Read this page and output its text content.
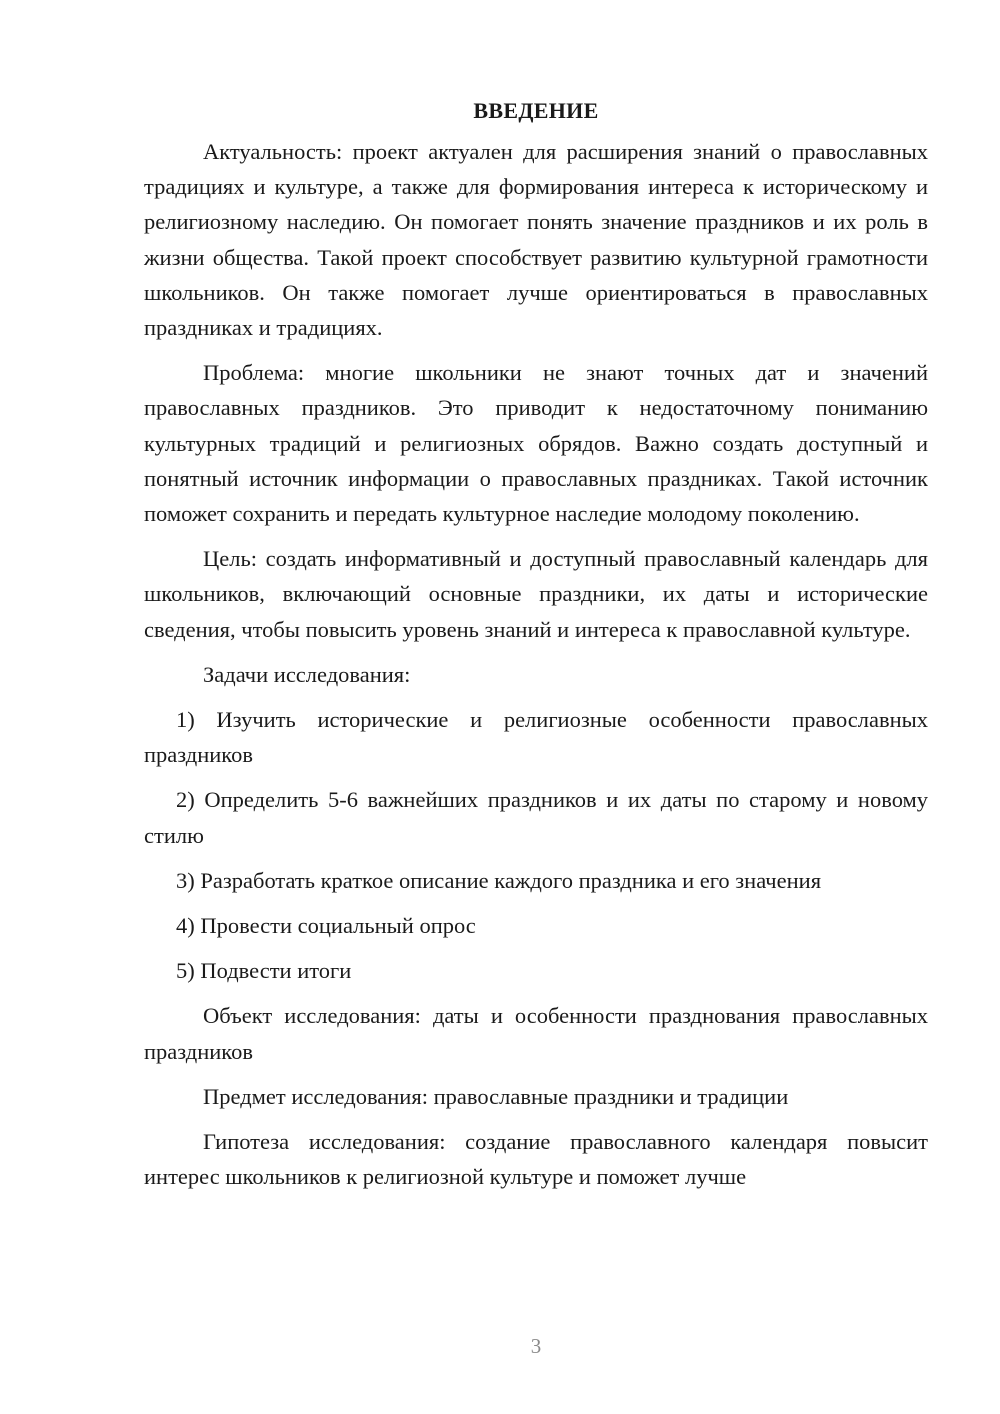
ВВЕДЕНИЕ

Актуальность: проект актуален для расширения знаний о православных традициях и культуре, а также для формирования интереса к историческому и религиозному наследию. Он помогает понять значение праздников и их роль в жизни общества. Такой проект способствует развитию культурной грамотности школьников. Он также помогает лучше ориентироваться в православных праздниках и традициях.

Проблема: многие школьники не знают точных дат и значений православных праздников. Это приводит к недостаточному пониманию культурных традиций и религиозных обрядов. Важно создать доступный и понятный источник информации о православных праздниках. Такой источник поможет сохранить и передать культурное наследие молодому поколению.

Цель: создать информативный и доступный православный календарь для школьников, включающий основные праздники, их даты и исторические сведения, чтобы повысить уровень знаний и интереса к православной культуре.

Задачи исследования:

1) Изучить исторические и религиозные особенности православных праздников

2) Определить 5-6 важнейших праздников и их даты по старому и новому стилю

3) Разработать краткое описание каждого праздника и его значения

4) Провести социальный опрос

5) Подвести итоги

Объект исследования: даты и особенности празднования православных праздников

Предмет исследования: православные праздники и традиции

Гипотеза исследования: создание православного календаря повысит интерес школьников к религиозной культуре и поможет лучше

3
